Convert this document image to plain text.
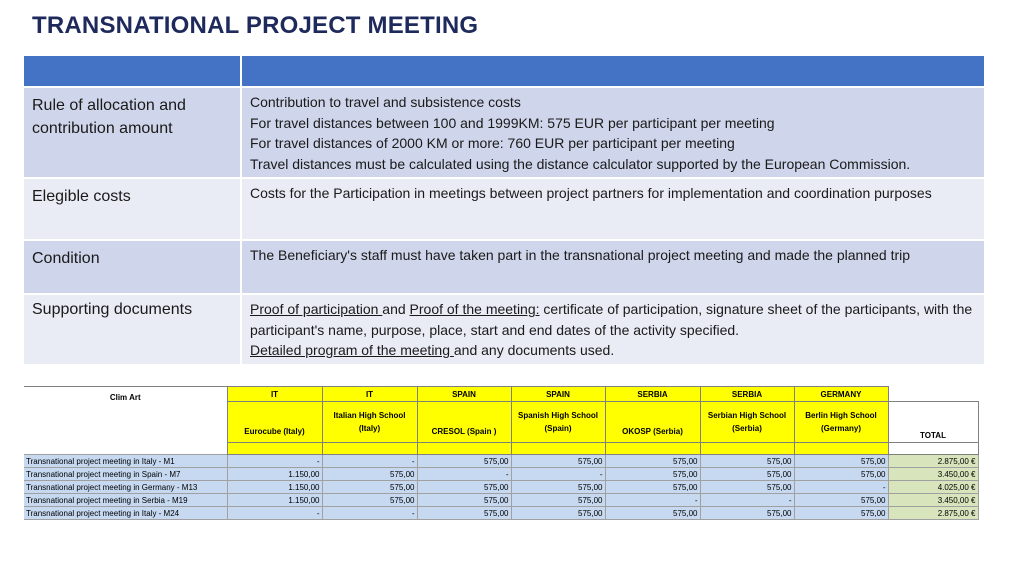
TRANSNATIONAL PROJECT MEETING

Rule of allocation and contribution amount	Contribution to travel and subsistence costs
For travel distances between 100 and 1999KM: 575 EUR per participant per meeting
For travel distances of 2000 KM or more: 760 EUR per participant per meeting
Travel distances must be calculated using the distance calculator supported by the European Commission.

Elegible costs	Costs for the Participation in meetings between project partners for implementation and coordination purposes
Condition	The Beneficiary's staff must have taken part in the transnational project meeting and made the planned trip
Supporting documents	Proof of participation and Proof of the meeting: certificate of participation, signature sheet of the participants, with the participant's name, purpose, place, start and end dates of the activity specified.
Detailed program of the meeting and any documents used.
Clim Art	IT	IT	SPAIN	SPAIN	SERBIA	SERBIA	GERMANY	
	Eurocube (Italy)	Italian High School (Italy)	CRESOL (Spain )	Spanish High School (Spain)	OKOSP (Serbia)	Serbian High School (Serbia)	Berlin High School (Germany)	TOTAL

Transnational project meeting in Italy - M1	-	-	575,00	575,00	575,00	575,00	575,00	2.875,00 €
Transnational project meeting in Spain - M7	1.150,00	575,00	-	-	575,00	575,00	575,00	3.450,00 €
Transnational project meeting in Germany - M13	1.150,00	575,00	575,00	575,00	575,00	575,00	-	4.025,00 €
Transnational project meeting in Serbia - M19	1.150,00	575,00	575,00	575,00	-	-	575,00	3.450,00 €
Transnational project meeting in Italy - M24	-	-	575,00	575,00	575,00	575,00	575,00	2.875,00 €
